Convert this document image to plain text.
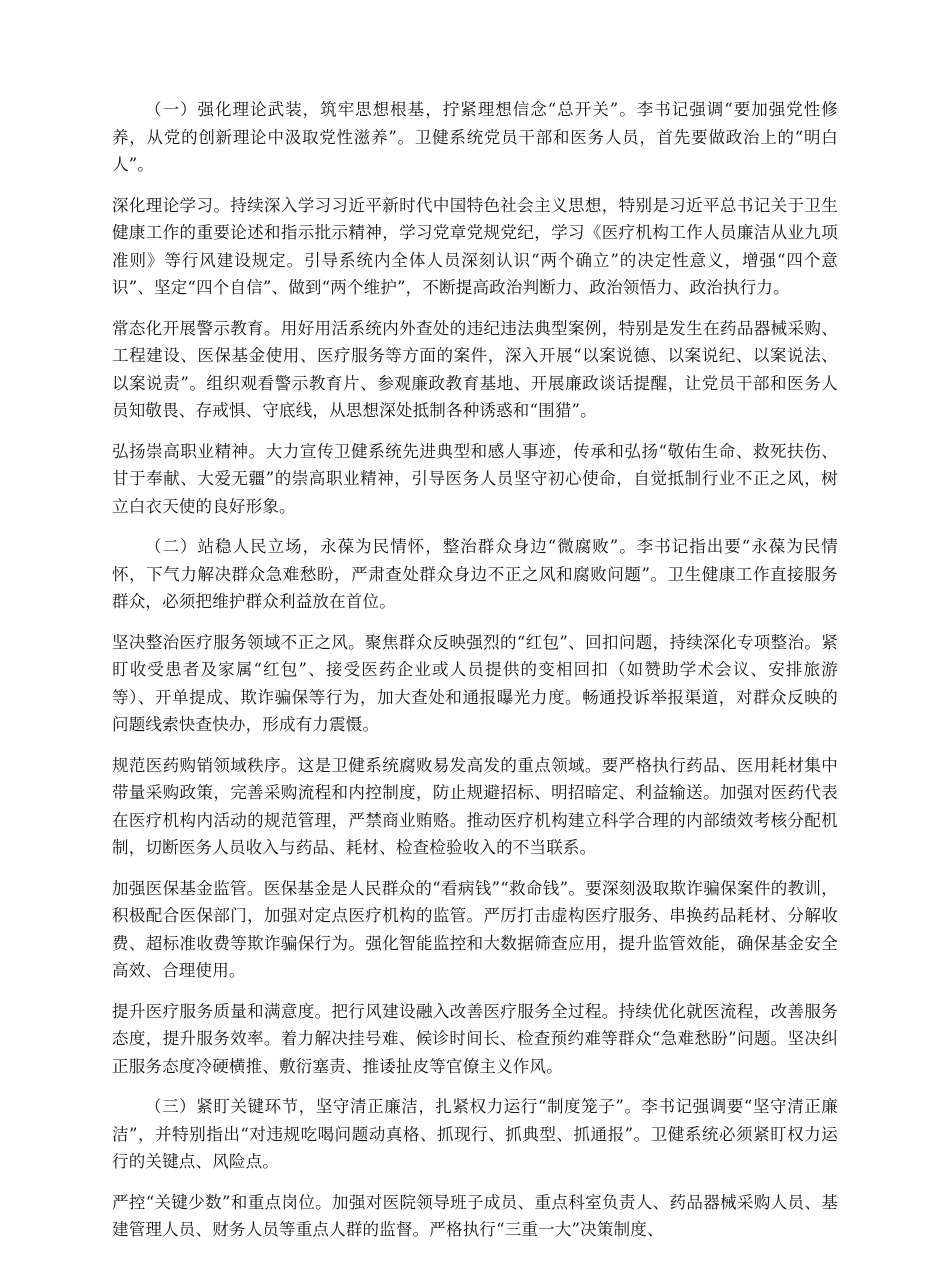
（一）强化理论武装，筑牢思想根基，拧紧理想信念“总开关”。李书记强调“要加强党性修养，从党的创新理论中汲取党性滋养”。卫健系统党员干部和医务人员，首先要做政治上的“明白人”。

深化理论学习。持续深入学习习近平新时代中国特色社会主义思想，特别是习近平总书记关于卫生健康工作的重要论述和指示批示精神，学习党章党规党纪，学习《医疗机构工作人员廉洁从业九项准则》等行风建设规定。引导系统内全体人员深刻认识“两个确立”的决定性意义，增强“四个意识”、坚定“四个自信”、做到“两个维护”，不断提高政治判断力、政治领悟力、政治执行力。

常态化开展警示教育。用好用活系统内外查处的违纪违法典型案例，特别是发生在药品器械采购、工程建设、医保基金使用、医疗服务等方面的案件，深入开展“以案说德、以案说纪、以案说法、以案说责”。组织观看警示教育片、参观廉政教育基地、开展廉政谈话提醒，让党员干部和医务人员知敬畏、存戒惧、守底线，从思想深处抵制各种诱惑和“围猎”。

弘扬崇高职业精神。大力宣传卫健系统先进典型和感人事迹，传承和弘扬“敬佑生命、救死扶伤、甘于奉献、大爱无疆”的崇高职业精神，引导医务人员坚守初心使命，自觉抵制行业不正之风，树立白衣天使的良好形象。

（二）站稳人民立场，永葆为民情怀，整治群众身边“微腐败”。李书记指出要“永葆为民情怀，下气力解决群众急难愁盼，严肃查处群众身边不正之风和腐败问题”。卫生健康工作直接服务群众，必须把维护群众利益放在首位。

坚决整治医疗服务领域不正之风。聚焦群众反映强烈的“红包”、回扣问题，持续深化专项整治。紧盯收受患者及家属“红包”、接受医药企业或人员提供的变相回扣（如赞助学术会议、安排旅游等）、开单提成、欺诈骗保等行为，加大查处和通报曝光力度。畅通投诉举报渠道，对群众反映的问题线索快查快办，形成有力震慑。

规范医药购销领域秩序。这是卫健系统腐败易发高发的重点领域。要严格执行药品、医用耗材集中带量采购政策，完善采购流程和内控制度，防止规避招标、明招暗定、利益输送。加强对医药代表在医疗机构内活动的规范管理，严禁商业贿赂。推动医疗机构建立科学合理的内部绩效考核分配机制，切断医务人员收入与药品、耗材、检查检验收入的不当联系。

加强医保基金监管。医保基金是人民群众的“看病钱”“救命钱”。要深刻汲取欺诈骗保案件的教训，积极配合医保部门，加强对定点医疗机构的监管。严厉打击虚构医疗服务、串换药品耗材、分解收费、超标准收费等欺诈骗保行为。强化智能监控和大数据筛查应用，提升监管效能，确保基金安全高效、合理使用。

提升医疗服务质量和满意度。把行风建设融入改善医疗服务全过程。持续优化就医流程，改善服务态度，提升服务效率。着力解决挂号难、候诊时间长、检查预约难等群众“急难愁盼”问题。坚决纠正服务态度冷硬横推、敷衍塞责、推诿扯皮等官僚主义作风。

（三）紧盯关键环节，坚守清正廉洁，扎紧权力运行“制度笼子”。李书记强调要“坚守清正廉洁”，并特别指出“对违规吃喝问题动真格、抓现行、抓典型、抓通报”。卫健系统必须紧盯权力运行的关键点、风险点。

严控“关键少数”和重点岗位。加强对医院领导班子成员、重点科室负责人、药品器械采购人员、基建管理人员、财务人员等重点人群的监督。严格执行“三重一大”决策制度、
